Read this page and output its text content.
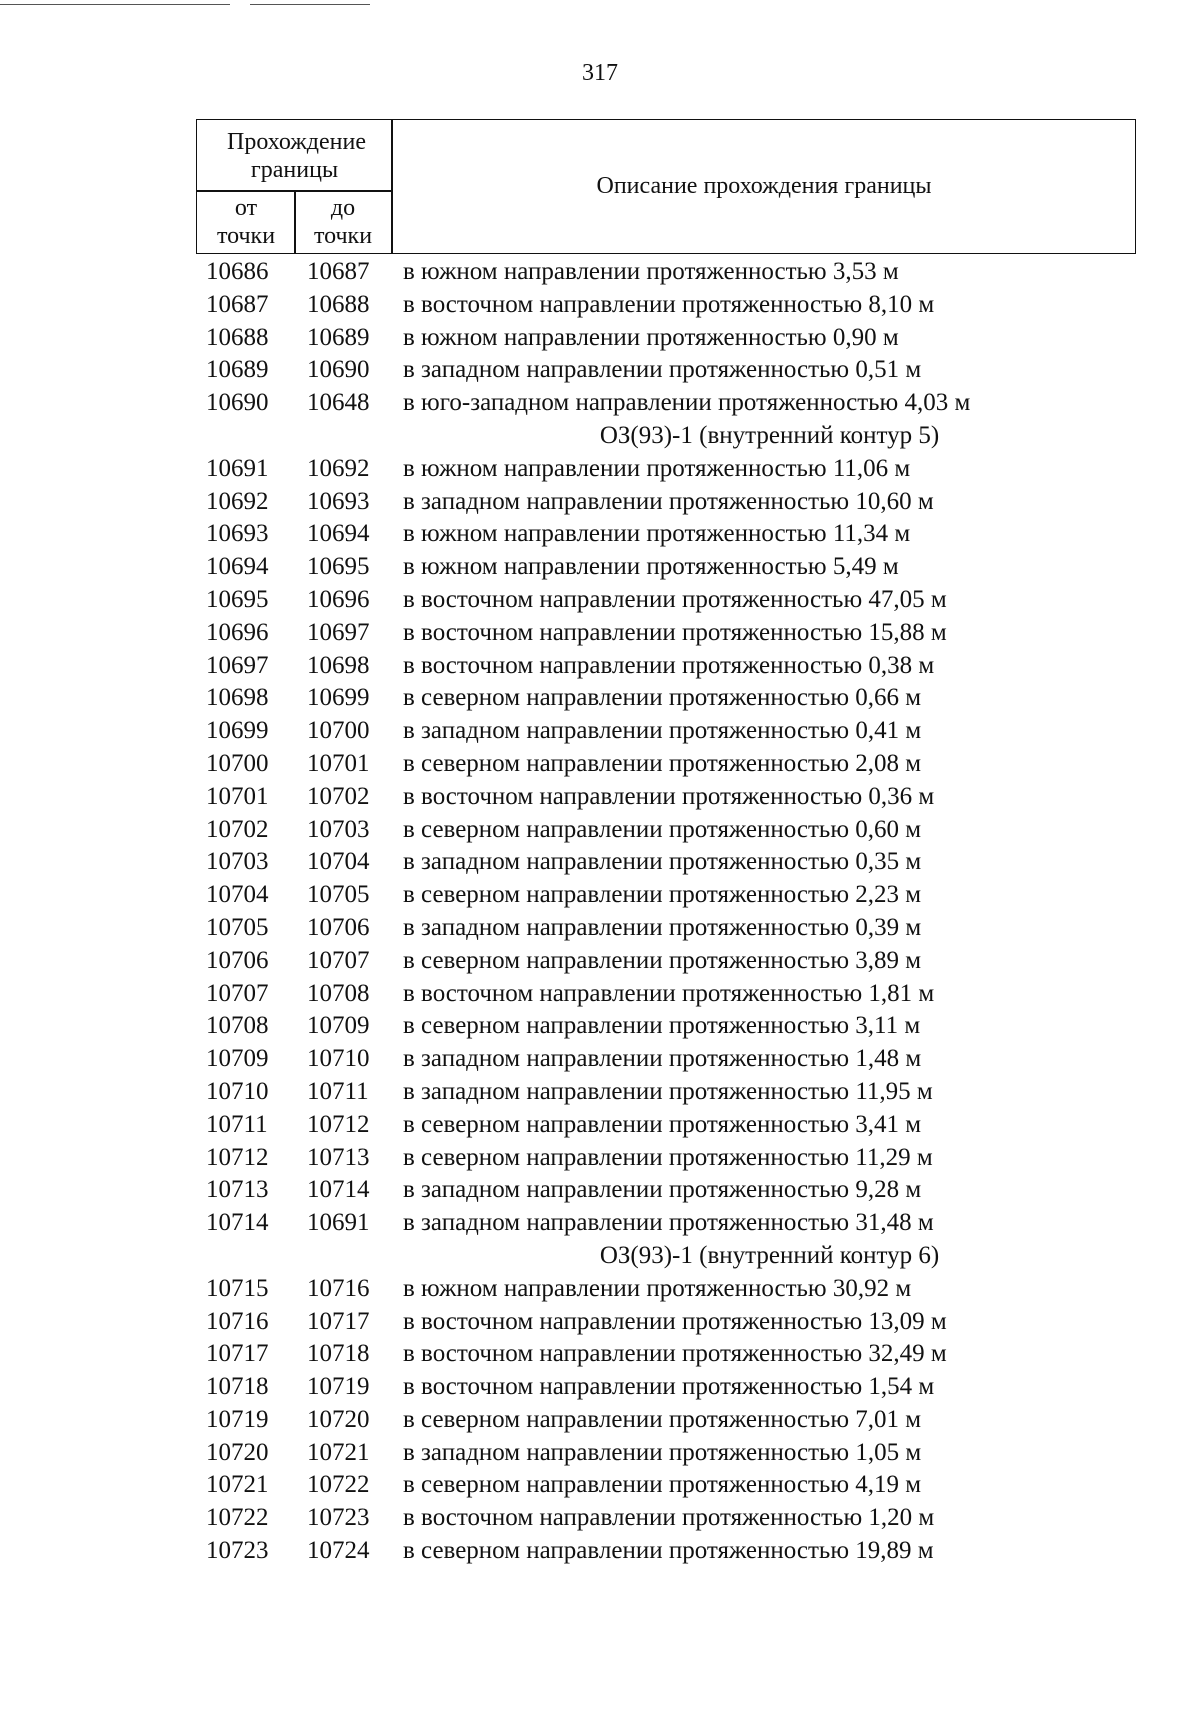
317
Прохождение границы
от точки
до точки
Описание прохождения границы
10686	10687	в южном направлении протяженностью 3,53 м
10687	10688	в восточном направлении протяженностью 8,10 м
10688	10689	в южном направлении протяженностью 0,90 м
10689	10690	в западном направлении протяженностью 0,51 м
10690	10648	в юго-западном направлении протяженностью 4,03 м
ОЗ(93)-1 (внутренний контур 5)
10691	10692	в южном направлении протяженностью 11,06 м
10692	10693	в западном направлении протяженностью 10,60 м
10693	10694	в южном направлении протяженностью 11,34 м
10694	10695	в южном направлении протяженностью 5,49 м
10695	10696	в восточном направлении протяженностью 47,05 м
10696	10697	в восточном направлении протяженностью 15,88 м
10697	10698	в восточном направлении протяженностью 0,38 м
10698	10699	в северном направлении протяженностью 0,66 м
10699	10700	в западном направлении протяженностью 0,41 м
10700	10701	в северном направлении протяженностью 2,08 м
10701	10702	в восточном направлении протяженностью 0,36 м
10702	10703	в северном направлении протяженностью 0,60 м
10703	10704	в западном направлении протяженностью 0,35 м
10704	10705	в северном направлении протяженностью 2,23 м
10705	10706	в западном направлении протяженностью 0,39 м
10706	10707	в северном направлении протяженностью 3,89 м
10707	10708	в восточном направлении протяженностью 1,81 м
10708	10709	в северном направлении протяженностью 3,11 м
10709	10710	в западном направлении протяженностью 1,48 м
10710	10711	в западном направлении протяженностью 11,95 м
10711	10712	в северном направлении протяженностью 3,41 м
10712	10713	в северном направлении протяженностью 11,29 м
10713	10714	в западном направлении протяженностью 9,28 м
10714	10691	в западном направлении протяженностью 31,48 м
ОЗ(93)-1 (внутренний контур 6)
10715	10716	в южном направлении протяженностью 30,92 м
10716	10717	в восточном направлении протяженностью 13,09 м
10717	10718	в восточном направлении протяженностью 32,49 м
10718	10719	в восточном направлении протяженностью 1,54 м
10719	10720	в северном направлении протяженностью 7,01 м
10720	10721	в западном направлении протяженностью 1,05 м
10721	10722	в северном направлении протяженностью 4,19 м
10722	10723	в восточном направлении протяженностью 1,20 м
10723	10724	в северном направлении протяженностью 19,89 м
